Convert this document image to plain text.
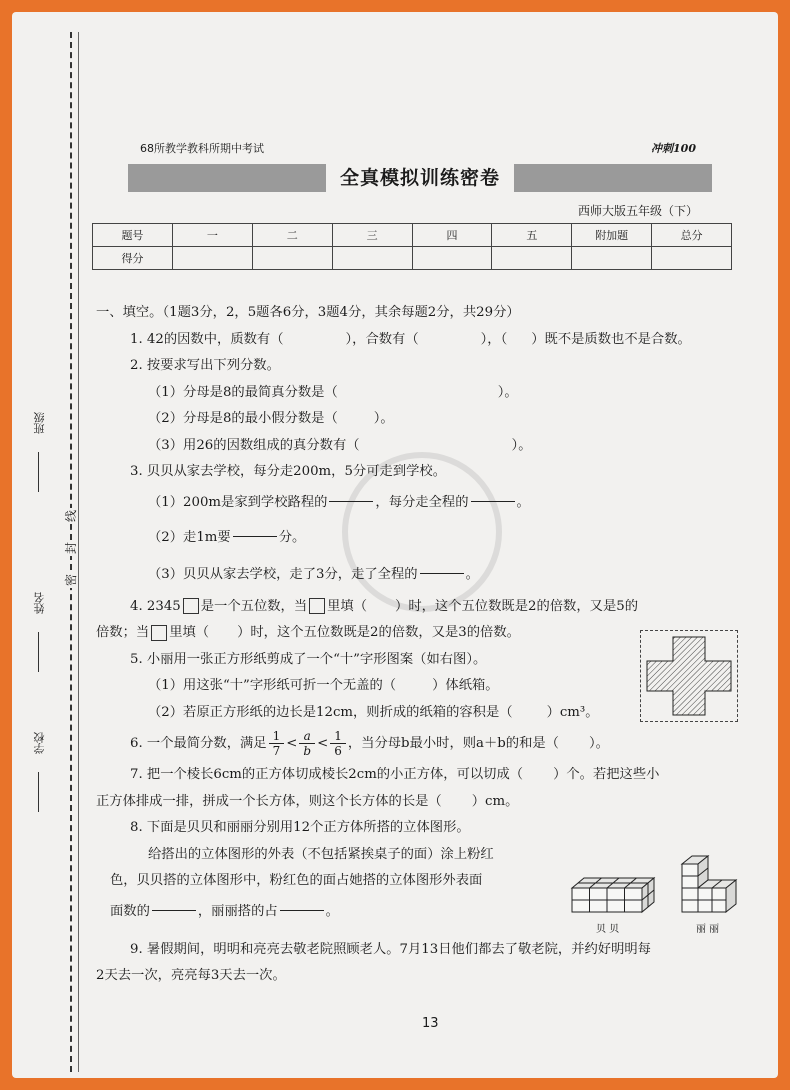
班级
姓名
学校
线
封
密
68所教学教科所期中考试	冲刺100
全真模拟训练密卷
西师大版五年级（下）
题号	一	二	三	四	五	附加题	总分
得分							
一、填空。（1题3分，2，5题各6分，3题4分，其余每题2分，共29分）
1. 42的因数中，质数有（	），合数有（	），（ ）既不是质数也不是合数。
2. 按要求写出下列分数。
（1）分母是8的最简真分数是（	）。
（2）分母是8的最小假分数是（	）。
（3）用26的因数组成的真分数有（	）。
3. 贝贝从家去学校，每分走200m，5分可走到学校。
（1）200m是家到学校路程的	，每分走全程的	。
（2）走1m要	分。
（3）贝贝从家去学校，走了3分，走了全程的	。
4. 2345 是一个五位数，当 里填（ ）时，这个五位数既是2的倍数，又是5的
倍数；当 里填（ ）时，这个五位数既是2的倍数，又是3的倍数。
5. 小丽用一张正方形纸剪成了一个“十”字形图案（如右图）。
（1）用这张“十”字形纸可折一个无盖的（	）体纸箱。
（2）若原正方形纸的边长是12cm，则折成的纸箱的容积是（	）cm³。
6. 一个最简分数，满足 $\frac{1}{7} < \frac{a}{b} < \frac{1}{6}$ ，当分母b最小时，则a＋b的和是（ ）。
7. 把一个棱长6cm的正方体切成棱长2cm的小正方体，可以切成（ ）个。若把这些小
正方体排成一排，拼成一个长方体，则这个长方体的长是（ ）cm。
8. 下面是贝贝和丽丽分别用12个正方体所搭的立体图形。
给搭出的立体图形的外表（不包括紧挨桌子的面）涂上粉红
色，贝贝搭的立体图形中，粉红色的面占她搭的立体图形外表面
面数的	，丽丽搭的占	。
9. 暑假期间，明明和亮亮去敬老院照顾老人。7月13日他们都去了敬老院，并约好明明每
2天去一次，亮亮每3天去一次。
贝 贝	丽 丽
13
